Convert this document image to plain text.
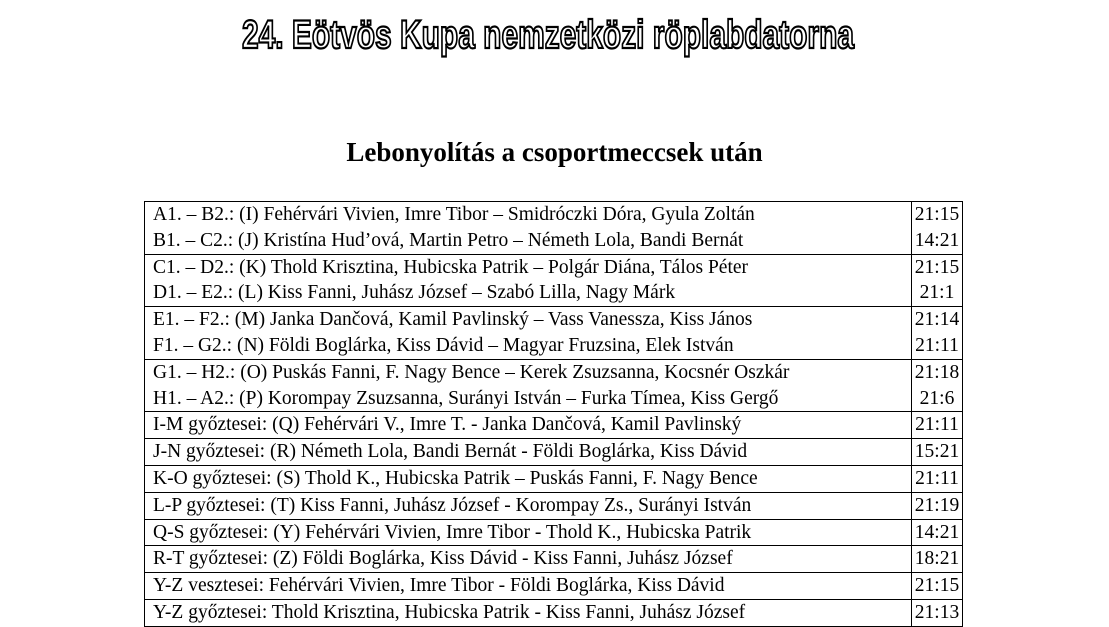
24. Eötvös Kupa nemzetközi röplabdatorna
Lebonyolítás a csoportmeccsek után
A1. – B2.: (I) Fehérvári Vivien, Imre Tibor – Smidróczki Dóra, Gyula Zoltán	21:15
B1. – C2.: (J) Kristína Hud’ová, Martin Petro – Németh Lola, Bandi Bernát	14:21
C1. – D2.: (K) Thold Krisztina, Hubicska Patrik – Polgár Diána, Tálos Péter	21:15
D1. – E2.: (L) Kiss Fanni, Juhász József – Szabó Lilla, Nagy Márk	21:1
E1. – F2.: (M) Janka Dančová, Kamil Pavlinský – Vass Vanessza, Kiss János	21:14
F1. – G2.: (N) Földi Boglárka, Kiss Dávid – Magyar Fruzsina, Elek István	21:11
G1. – H2.: (O) Puskás Fanni, F. Nagy Bence – Kerek Zsuzsanna, Kocsnér Oszkár	21:18
H1. – A2.: (P) Korompay Zsuzsanna, Surányi István – Furka Tímea, Kiss Gergő	21:6
I-M győztesei: (Q) Fehérvári V., Imre T. - Janka Dančová, Kamil Pavlinský	21:11
J-N győztesei: (R) Németh Lola, Bandi Bernát - Földi Boglárka, Kiss Dávid	15:21
K-O győztesei: (S) Thold K., Hubicska Patrik – Puskás Fanni, F. Nagy Bence	21:11
L-P győztesei: (T) Kiss Fanni, Juhász József - Korompay Zs., Surányi István	21:19
Q-S győztesei: (Y) Fehérvári Vivien, Imre Tibor - Thold K., Hubicska Patrik	14:21
R-T győztesei: (Z) Földi Boglárka, Kiss Dávid - Kiss Fanni, Juhász József	18:21
Y-Z vesztesei: Fehérvári Vivien, Imre Tibor - Földi Boglárka, Kiss Dávid	21:15
Y-Z győztesei: Thold Krisztina, Hubicska Patrik - Kiss Fanni, Juhász József	21:13
